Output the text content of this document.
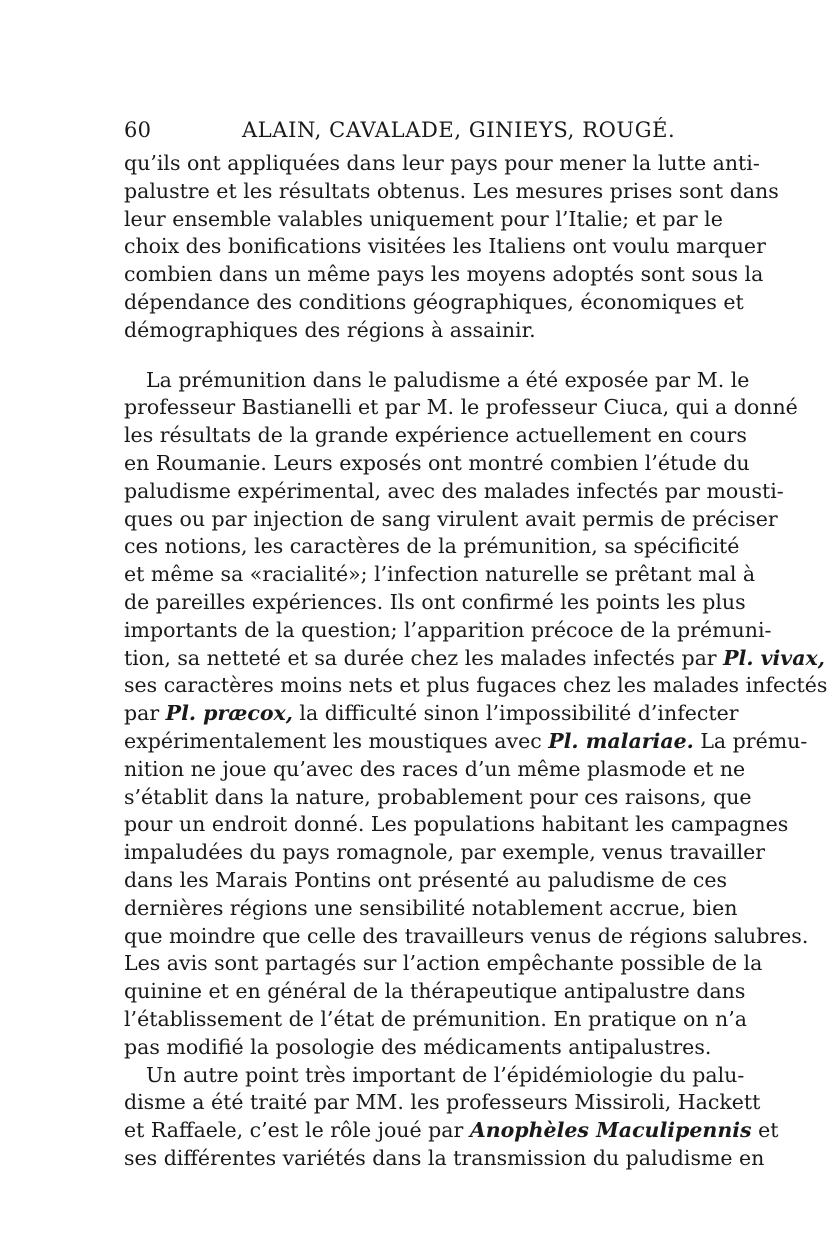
60	ALAIN, CAVALADE, GINIEYS, ROUGÉ.
qu’ils ont appliquées dans leur pays pour mener la lutte anti-
palustre et les résultats obtenus. Les mesures prises sont dans
leur ensemble valables uniquement pour l’Italie; et par le
choix des bonifications visitées les Italiens ont voulu marquer
combien dans un même pays les moyens adoptés sont sous la
dépendance des conditions géographiques, économiques et
démographiques des régions à assainir.
La prémunition dans le paludisme a été exposée par M. le
professeur Bastianelli et par M. le professeur Ciuca, qui a donné
les résultats de la grande expérience actuellement en cours
en Roumanie. Leurs exposés ont montré combien l’étude du
paludisme expérimental, avec des malades infectés par mousti-
ques ou par injection de sang virulent avait permis de préciser
ces notions, les caractères de la prémunition, sa spécificité
et même sa «racialité»; l’infection naturelle se prêtant mal à
de pareilles expériences. Ils ont confirmé les points les plus
importants de la question; l’apparition précoce de la prémuni-
tion, sa netteté et sa durée chez les malades infectés par Pl. vivax,
ses caractères moins nets et plus fugaces chez les malades infectés
par Pl. præcox, la difficulté sinon l’impossibilité d’infecter
expérimentalement les moustiques avec Pl. malariae. La prému-
nition ne joue qu’avec des races d’un même plasmode et ne
s’établit dans la nature, probablement pour ces raisons, que
pour un endroit donné. Les populations habitant les campagnes
impaludées du pays romagnole, par exemple, venus travailler
dans les Marais Pontins ont présenté au paludisme de ces
dernières régions une sensibilité notablement accrue, bien
que moindre que celle des travailleurs venus de régions salubres.
Les avis sont partagés sur l’action empêchante possible de la
quinine et en général de la thérapeutique antipalustre dans
l’établissement de l’état de prémunition. En pratique on n’a
pas modifié la posologie des médicaments antipalustres.
Un autre point très important de l’épidémiologie du palu-
disme a été traité par MM. les professeurs Missiroli, Hackett
et Raffaele, c’est le rôle joué par Anophèles Maculipennis et
ses différentes variétés dans la transmission du paludisme en
